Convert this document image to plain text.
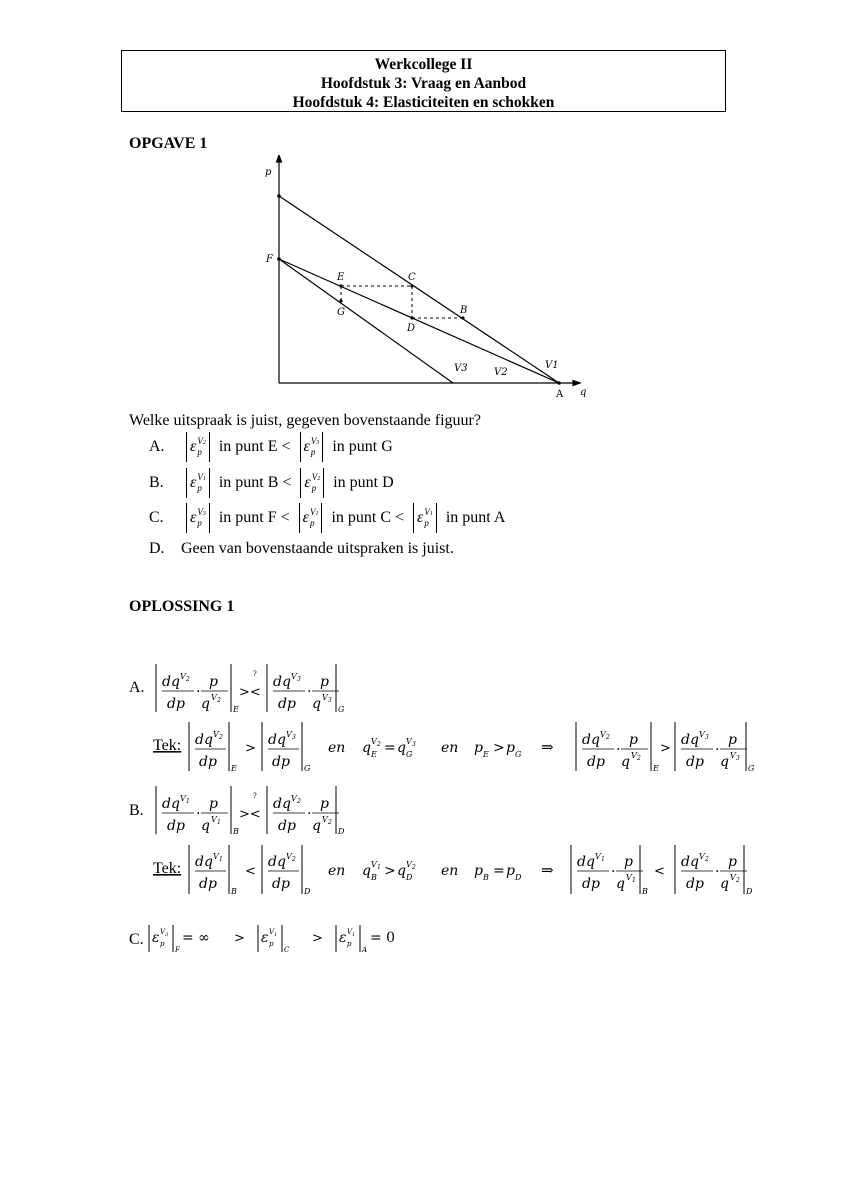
Werkcollege II
Hoofdstuk 3: Vraag en Aanbod
Hoofdstuk 4: Elasticiteiten en schokken
OPGAVE 1
p
q
F
E	C
G
D
B
V3	V2
V1
A
Welke uitspraak is juist, gegeven bovenstaande figuur?
A. ε V2
p in punt E < ε V3
p in punt G
B. ε V1
p in punt B < ε V2
p in punt D
C. ε V3
p in punt F < ε V1
p in punt C < ε V1
p in punt A
D. Geen van bovenstaande uitspraken is juist.
OPLOSSING 1
A. dq V 2
dp
. p
q V 2
E
><
? dq V 3
dp
. p
q V 3
G
Tek: dq V 2
dp E
>
dq V 3
dp G
en q V 2
E = q V 3
G en p E > p G ⇒ dq V 2
dp
. p
q V 2
E
>
dq V 3
dp
. p
q V 3
G
B. dq V 1
dp
. p
q V 1
B
><
? dq V 2
dp
. p
q V 2
D
Tek: dq V 1
dp B
<
dq V 2
dp D
en q V 1
B > q V 2
D en p B = p D ⇒ dq V 1
dp
. p
q V 1
B
<
dq V 2
dp
. p
q V 2
D
C. ε V 3
p
F
= ∞ > ε V 1
p
C
> ε V 1
p
A
= 0
